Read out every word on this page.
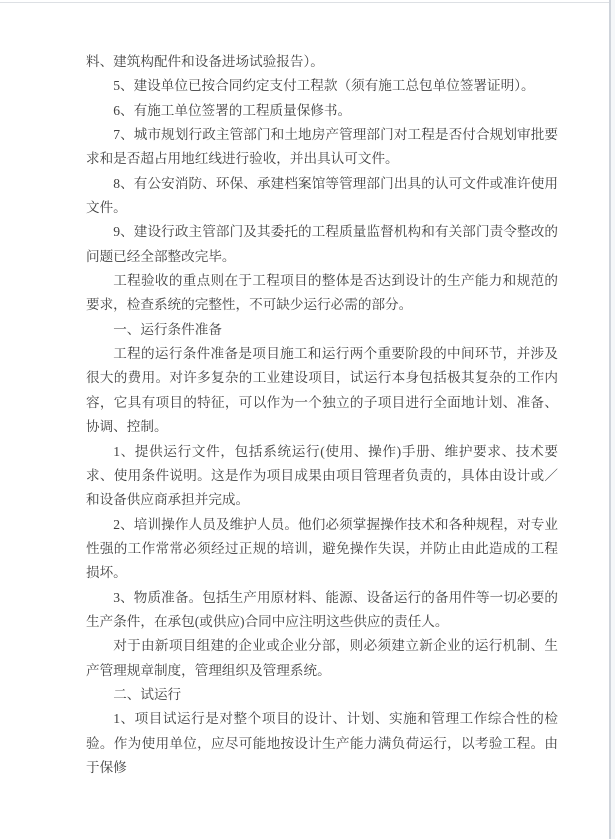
料、建筑构配件和设备进场试验报告）。

5、建设单位已按合同约定支付工程款（须有施工总包单位签署证明）。

6、有施工单位签署的工程质量保修书。

7、城市规划行政主管部门和土地房产管理部门对工程是否付合规划审批要求和是否超占用地红线进行验收，并出具认可文件。

8、有公安消防、环保、承建档案馆等管理部门出具的认可文件或准许使用文件。

9、建设行政主管部门及其委托的工程质量监督机构和有关部门责令整改的问题已经全部整改完毕。

工程验收的重点则在于工程项目的整体是否达到设计的生产能力和规范的要求，检查系统的完整性，不可缺少运行必需的部分。

一、运行条件准备

工程的运行条件准备是项目施工和运行两个重要阶段的中间环节，并涉及很大的费用。对许多复杂的工业建设项目，试运行本身包括极其复杂的工作内容，它具有项目的特征，可以作为一个独立的子项目进行全面地计划、准备、协调、控制。

1、提供运行文件，包括系统运行(使用、操作)手册、维护要求、技术要求、使用条件说明。这是作为项目成果由项目管理者负责的，具体由设计或／和设备供应商承担并完成。

2、培训操作人员及维护人员。他们必须掌握操作技术和各种规程，对专业性强的工作常常必须经过正规的培训，避免操作失误，并防止由此造成的工程损坏。

3、物质准备。包括生产用原材料、能源、设备运行的备用件等一切必要的生产条件，在承包(或供应)合同中应注明这些供应的责任人。

对于由新项目组建的企业或企业分部，则必须建立新企业的运行机制、生产管理规章制度，管理组织及管理系统。

二、试运行

1、项目试运行是对整个项目的设计、计划、实施和管理工作综合性的检验。作为使用单位，应尽可能地按设计生产能力满负荷运行，以考验工程。由于保修
